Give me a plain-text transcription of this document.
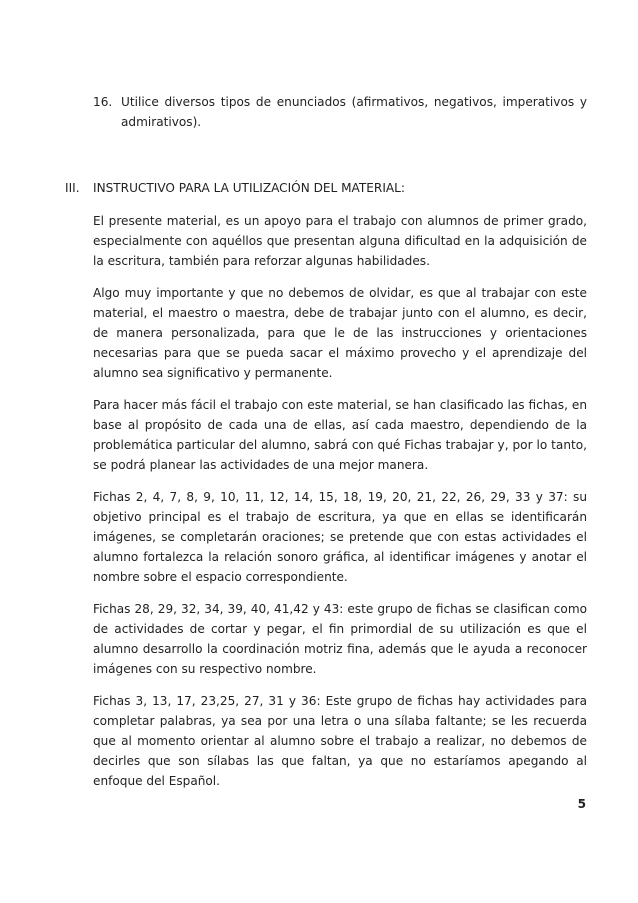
16. Utilice diversos tipos de enunciados (afirmativos, negativos, imperativos y admirativos).
III. INSTRUCTIVO PARA LA UTILIZACIÓN DEL MATERIAL:

El presente material, es un apoyo para el trabajo con alumnos de primer grado, especialmente con aquéllos que presentan alguna dificultad en la adquisición de la escritura, también para reforzar algunas habilidades.

Algo muy importante y que no debemos de olvidar, es que al trabajar con este material, el maestro o maestra, debe de trabajar junto con el alumno, es decir, de manera personalizada, para que le de las instrucciones y orientaciones necesarias para que se pueda sacar el máximo provecho y el aprendizaje del alumno sea significativo y permanente.

Para hacer más fácil el trabajo con este material, se han clasificado las fichas, en base al propósito de cada una de ellas, así cada maestro, dependiendo de la problemática particular del alumno, sabrá con qué Fichas trabajar y, por lo tanto, se podrá planear las actividades de una mejor manera.

Fichas 2, 4, 7, 8, 9, 10, 11, 12, 14, 15, 18, 19, 20, 21, 22, 26, 29, 33 y 37: su objetivo principal es el trabajo de escritura, ya que en ellas se identificarán imágenes, se completarán oraciones; se pretende que con estas actividades el alumno fortalezca la relación sonoro gráfica, al identificar imágenes y anotar el nombre sobre el espacio correspondiente.

Fichas 28, 29, 32, 34, 39, 40, 41,42 y 43: este grupo de fichas se clasifican como de actividades de cortar y pegar, el fin primordial de su utilización es que el alumno desarrollo la coordinación motriz fina, además que le ayuda a reconocer imágenes con su respectivo nombre.

Fichas 3, 13, 17, 23,25, 27, 31 y 36: Este grupo de fichas hay actividades para completar palabras, ya sea por una letra o una sílaba faltante; se les recuerda que al momento orientar al alumno sobre el trabajo a realizar, no debemos de decirles que son sílabas las que faltan, ya que no estaríamos apegando al enfoque del Español.

5
